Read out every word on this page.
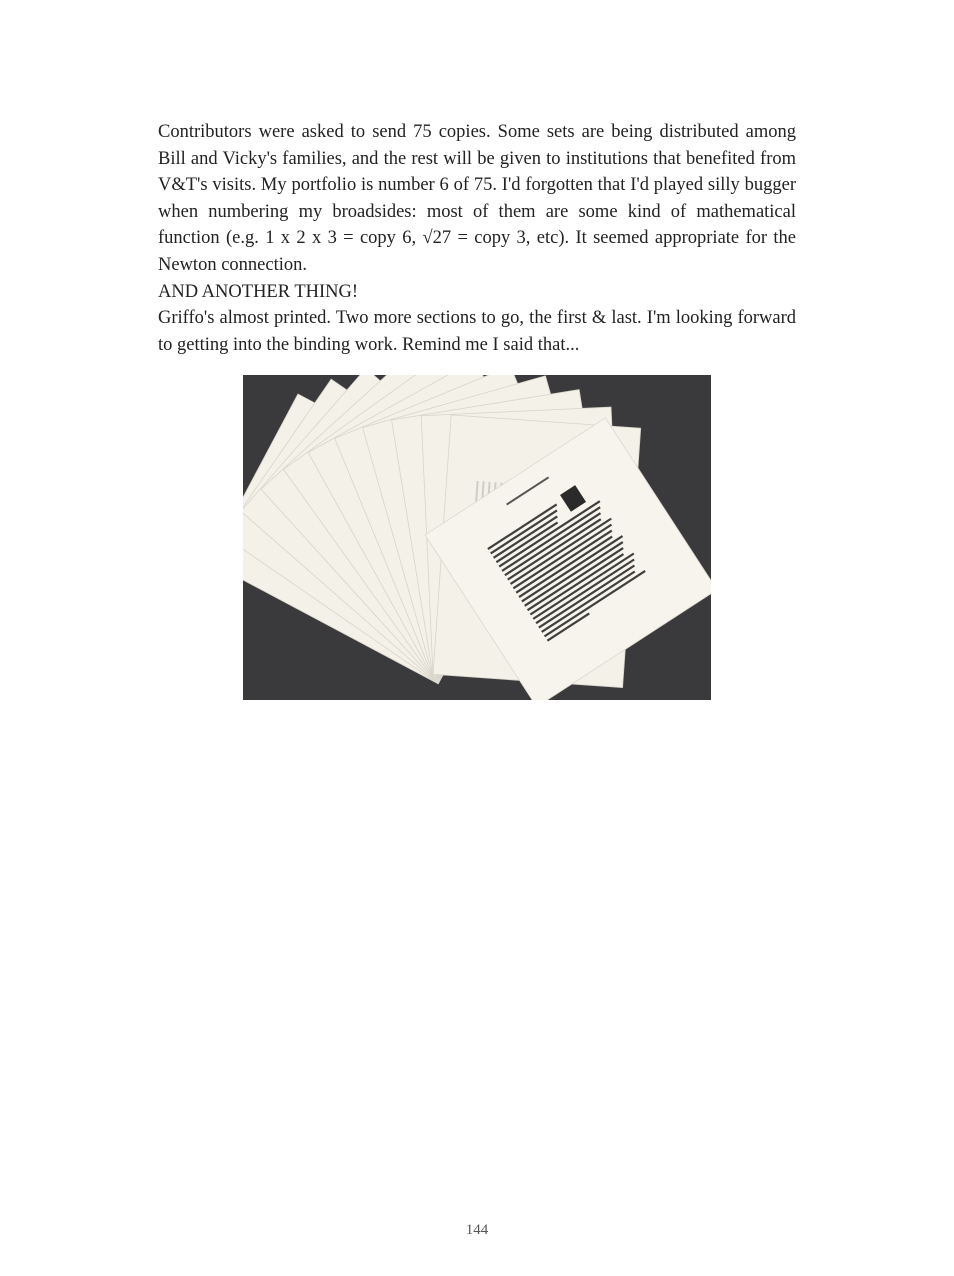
Contributors were asked to send 75 copies. Some sets are being distributed among Bill and Vicky's families, and the rest will be given to institutions that benefited from V&T's visits. My portfolio is number 6 of 75. I'd forgotten that I'd played silly bugger when numbering my broadsides: most of them are some kind of mathematical function (e.g. 1 x 2 x 3 = copy 6, √27 = copy 3, etc). It seemed appropriate for the Newton connection.

AND ANOTHER THING!

Griffo's almost printed. Two more sections to go, the first & last. I'm looking forward to getting into the binding work. Remind me I said that...

144
